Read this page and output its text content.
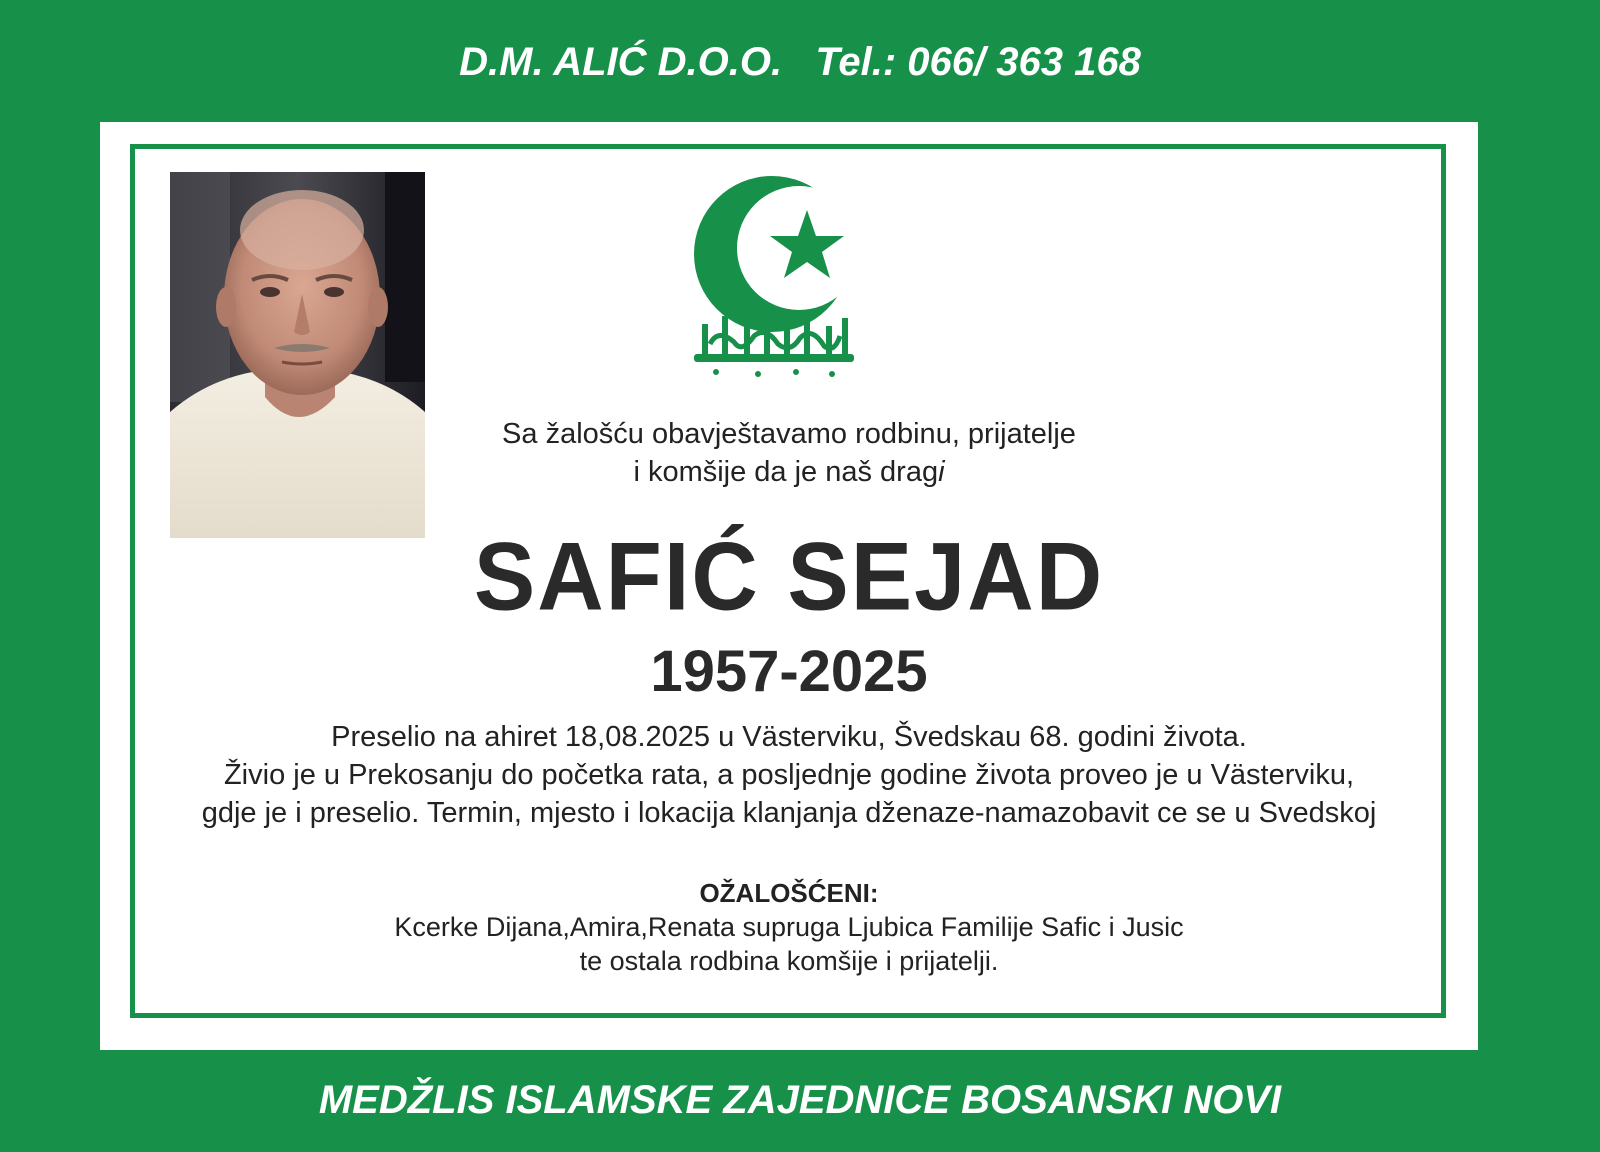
D.M. ALIĆ D.O.O.   Tel.: 066/ 363 168
Sa žalošću obavještavamo rodbinu, prijatelje
i komšije da je naš dragi
SAFIĆ SEJAD
1957-2025
Preselio na ahiret 18,08.2025 u Västerviku, Švedskau 68. godini života.
Živio je u Prekosanju do početka rata, a posljednje godine života proveo je u Västerviku,
gdje je i preselio. Termin, mjesto i lokacija klanjanja dženaze-namazobavit ce se u Svedskoj
OŽALOŠĆENI:
Kcerke Dijana,Amira,Renata supruga Ljubica Familije Safic i Jusic
te ostala rodbina komšije i prijatelji.
MEDŽLIS ISLAMSKE ZAJEDNICE BOSANSKI NOVI
